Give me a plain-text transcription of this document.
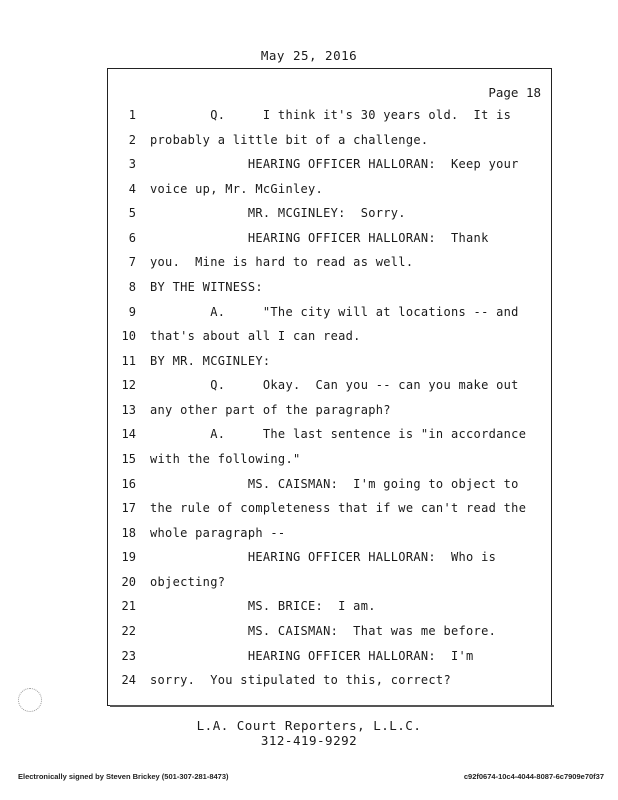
May 25, 2016
Page 18
1 Q.     I think it's 30 years old.  It is
2 probably a little bit of a challenge.
3 HEARING OFFICER HALLORAN:  Keep your
4 voice up, Mr. McGinley.
5 MR. MCGINLEY:  Sorry.
6 HEARING OFFICER HALLORAN:  Thank
7 you.  Mine is hard to read as well.
8 BY THE WITNESS:
9 A.     "The city will at locations -- and
10 that's about all I can read.
11 BY MR. MCGINLEY:
12 Q.     Okay.  Can you -- can you make out
13 any other part of the paragraph?
14 A.     The last sentence is "in accordance
15 with the following."
16 MS. CAISMAN:  I'm going to object to
17 the rule of completeness that if we can't read the
18 whole paragraph --
19 HEARING OFFICER HALLORAN:  Who is
20 objecting?
21 MS. BRICE:  I am.
22 MS. CAISMAN:  That was me before.
23 HEARING OFFICER HALLORAN:  I'm
24 sorry.  You stipulated to this, correct?
L.A. Court Reporters, L.L.C.
312-419-9292
Electronically signed by Steven Brickey (501-307-281-8473)	c92f0674-10c4-4044-8087-6c7909e70f37
